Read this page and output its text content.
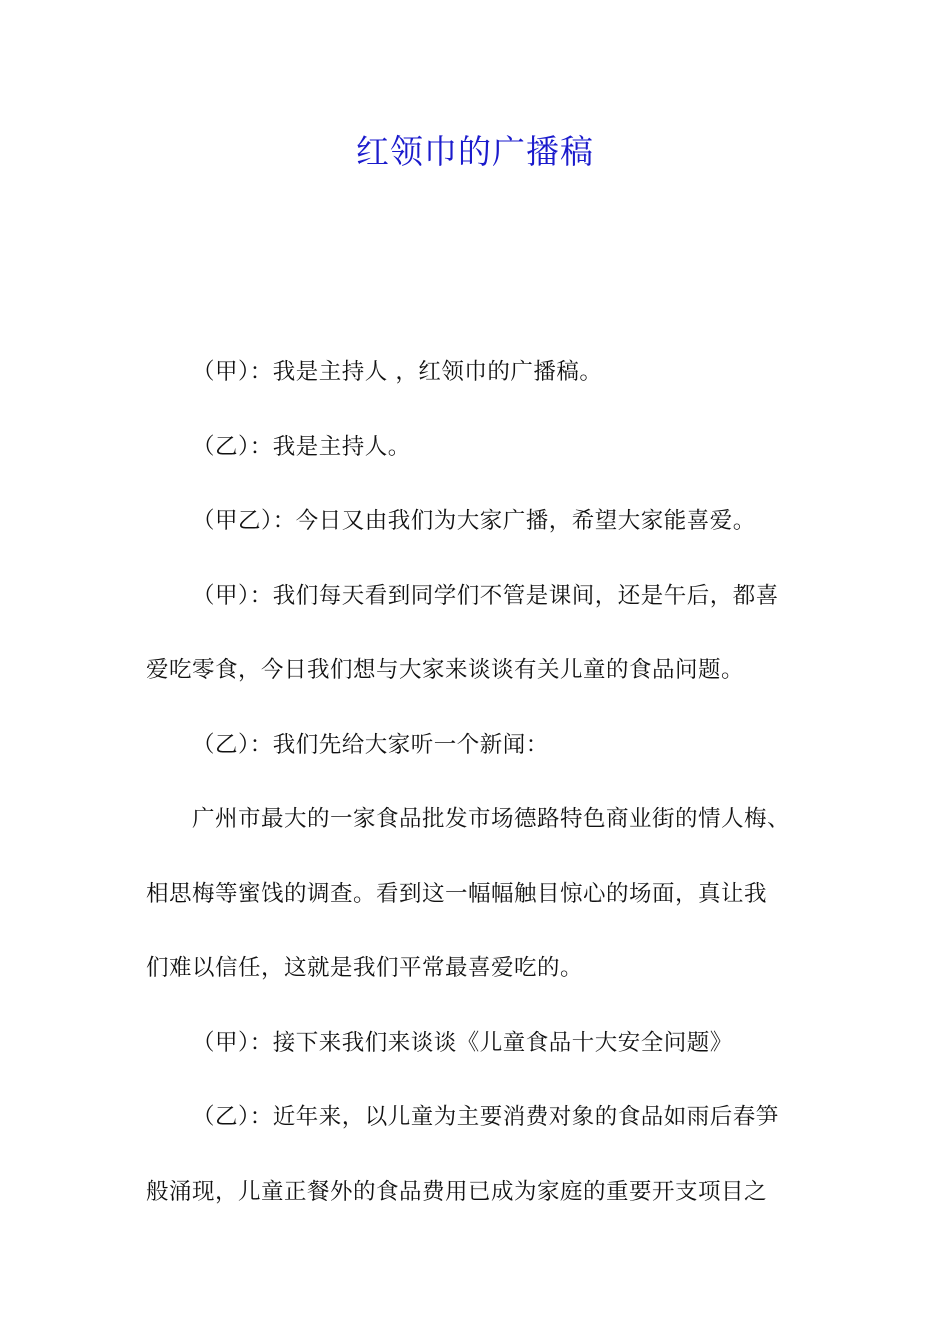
红领巾的广播稿

（甲）：我是主持人 ，红领巾的广播稿。

（乙）：我是主持人。

（甲乙）：今日又由我们为大家广播，希望大家能喜爱。

（甲）：我们每天看到同学们不管是课间，还是午后，都喜

爱吃零食，今日我们想与大家来谈谈有关儿童的食品问题。

（乙）：我们先给大家听一个新闻：

广州市最大的一家食品批发市场德路特色商业街的情人梅、

相思梅等蜜饯的调查。看到这一幅幅触目惊心的场面，真让我

们难以信任，这就是我们平常最喜爱吃的。

（甲）：接下来我们来谈谈《儿童食品十大安全问题》

（乙）：近年来，以儿童为主要消费对象的食品如雨后春笋

般涌现，儿童正餐外的食品费用已成为家庭的重要开支项目之
